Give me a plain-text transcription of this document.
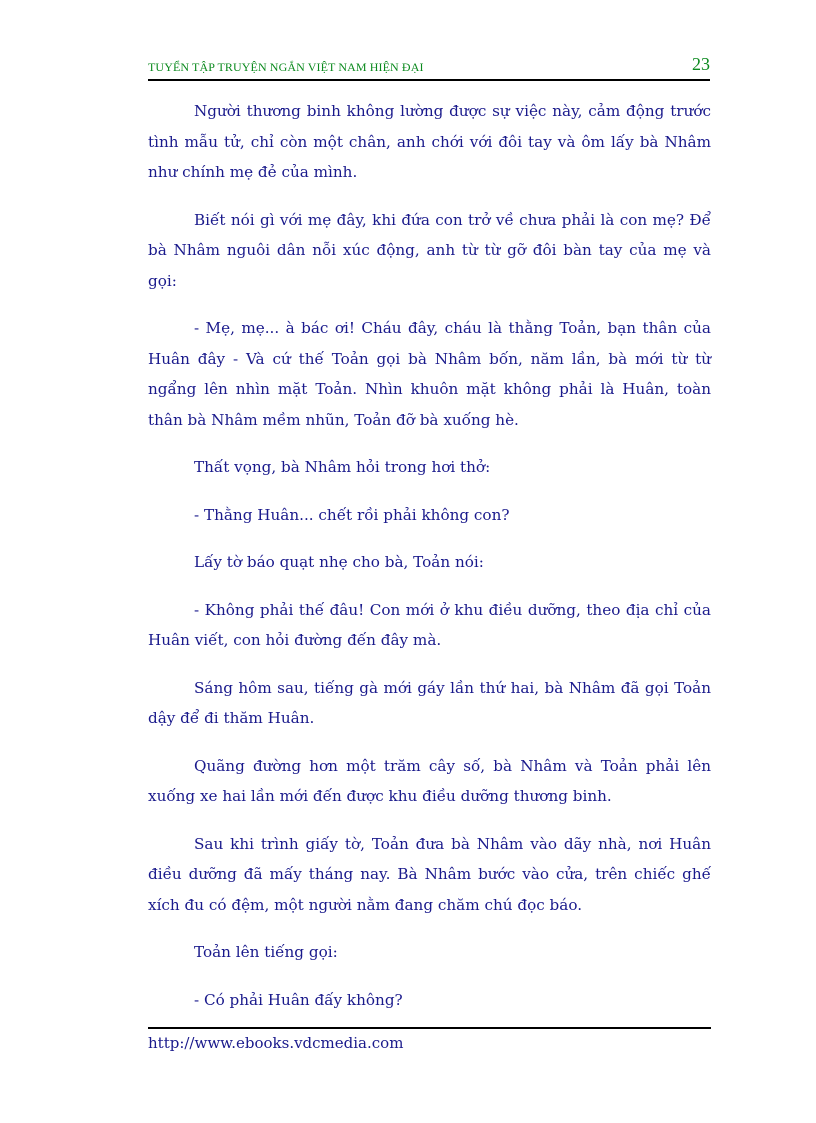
TUYỂN TẬP TRUYỆN NGẮN VIỆT NAM HIỆN ĐẠI	23

Người thương binh không lường được sự việc này, cảm động trước tình mẫu tử, chỉ còn một chân, anh chới với đôi tay và ôm lấy bà Nhâm như chính mẹ đẻ của mình.

Biết nói gì với mẹ đây, khi đứa con trở về chưa phải là con mẹ? Để bà Nhâm nguôi dân nỗi xúc động, anh từ từ gỡ đôi bàn tay của mẹ và gọi:

- Mẹ, mẹ... à bác ơi! Cháu đây, cháu là thằng Toản, bạn thân của Huân đây - Và cứ thế Toản gọi bà Nhâm bốn, năm lần, bà mới từ từ ngẩng lên nhìn mặt Toản. Nhìn khuôn mặt không phải là Huân, toàn thân bà Nhâm mềm nhũn, Toản đỡ bà xuống hè.

Thất vọng, bà Nhâm hỏi trong hơi thở:

- Thằng Huân... chết rồi phải không con?

Lấy tờ báo quạt nhẹ cho bà, Toản nói:

- Không phải thế đâu! Con mới ở khu điều dưỡng, theo địa chỉ của Huân viết, con hỏi đường đến đây mà.

Sáng hôm sau, tiếng gà mới gáy lần thứ hai, bà Nhâm đã gọi Toản dậy để đi thăm Huân.

Quãng đường hơn một trăm cây số, bà Nhâm và Toản phải lên xuống xe hai lần mới đến được khu điều dưỡng thương binh.

Sau khi trình giấy tờ, Toản đưa bà Nhâm vào dãy nhà, nơi Huân điều dưỡng đã mấy tháng nay. Bà Nhâm bước vào cửa, trên chiếc ghế xích đu có đệm, một người nằm đang chăm chú đọc báo.

Toản lên tiếng gọi:

- Có phải Huân đấy không?

http://www.ebooks.vdcmedia.com
